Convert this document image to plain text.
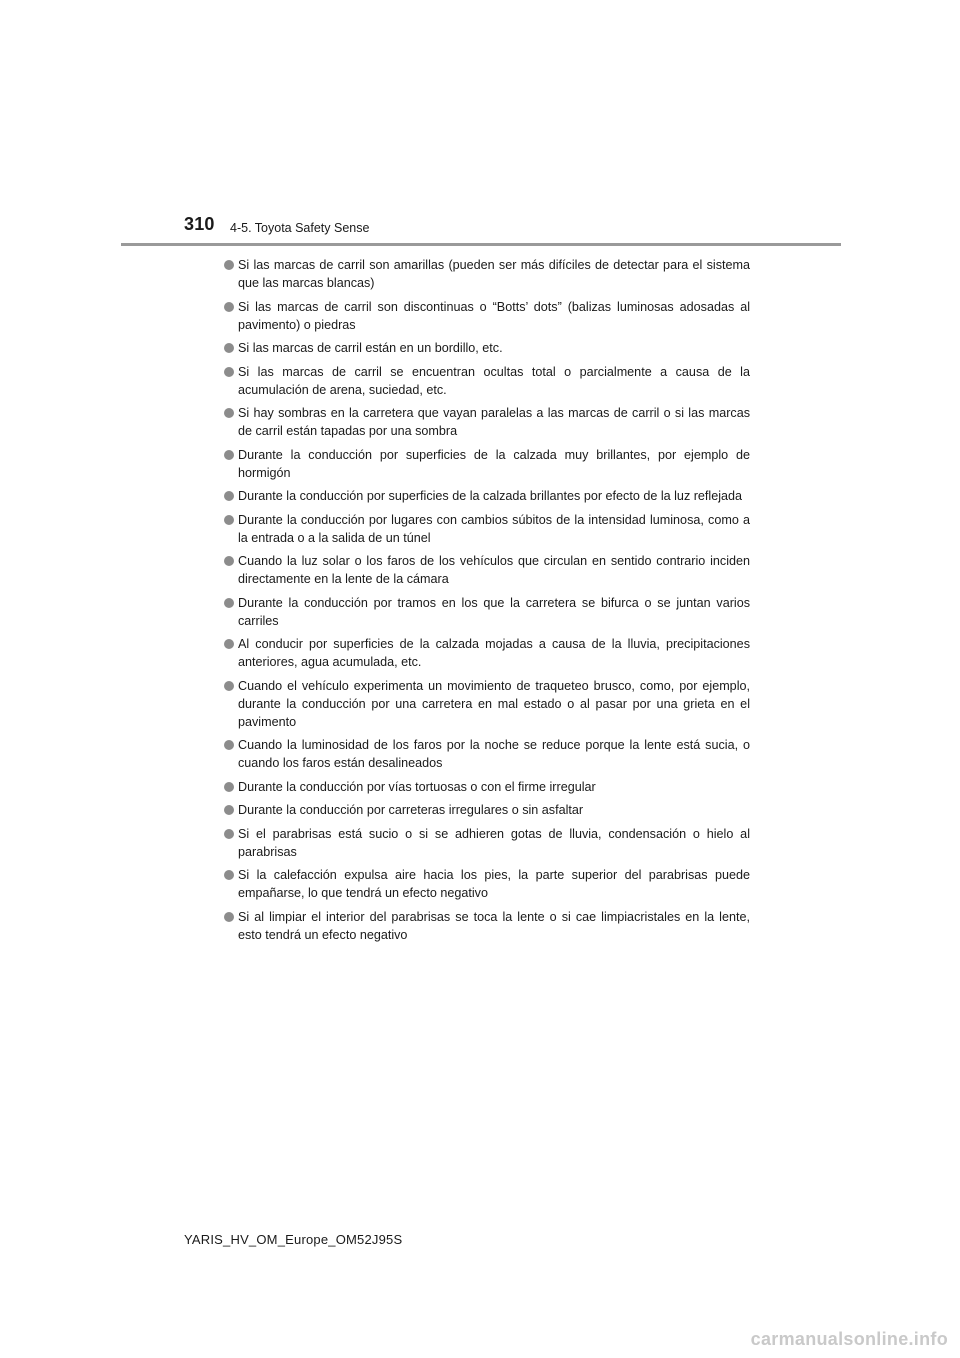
310 4-5. Toyota Safety Sense
Si las marcas de carril son amarillas (pueden ser más difíciles de detectar para el sistema que las marcas blancas)
Si las marcas de carril son discontinuas o “Botts’ dots” (balizas luminosas adosadas al pavimento) o piedras
Si las marcas de carril están en un bordillo, etc.
Si las marcas de carril se encuentran ocultas total o parcialmente a causa de la acumulación de arena, suciedad, etc.
Si hay sombras en la carretera que vayan paralelas a las marcas de carril o si las marcas de carril están tapadas por una sombra
Durante la conducción por superficies de la calzada muy brillantes, por ejemplo de hormigón
Durante la conducción por superficies de la calzada brillantes por efecto de la luz reflejada
Durante la conducción por lugares con cambios súbitos de la intensidad luminosa, como a la entrada o a la salida de un túnel
Cuando la luz solar o los faros de los vehículos que circulan en sentido contrario inciden directamente en la lente de la cámara
Durante la conducción por tramos en los que la carretera se bifurca o se juntan varios carriles
Al conducir por superficies de la calzada mojadas a causa de la lluvia, precipitaciones anteriores, agua acumulada, etc.
Cuando el vehículo experimenta un movimiento de traqueteo brusco, como, por ejemplo, durante la conducción por una carretera en mal estado o al pasar por una grieta en el pavimento
Cuando la luminosidad de los faros por la noche se reduce porque la lente está sucia, o cuando los faros están desalineados
Durante la conducción por vías tortuosas o con el firme irregular
Durante la conducción por carreteras irregulares o sin asfaltar
Si el parabrisas está sucio o si se adhieren gotas de lluvia, condensación o hielo al parabrisas
Si la calefacción expulsa aire hacia los pies, la parte superior del parabrisas puede empañarse, lo que tendrá un efecto negativo
Si al limpiar el interior del parabrisas se toca la lente o si cae limpiacristales en la lente, esto tendrá un efecto negativo
YARIS_HV_OM_Europe_OM52J95S
carmanualsonline.info
